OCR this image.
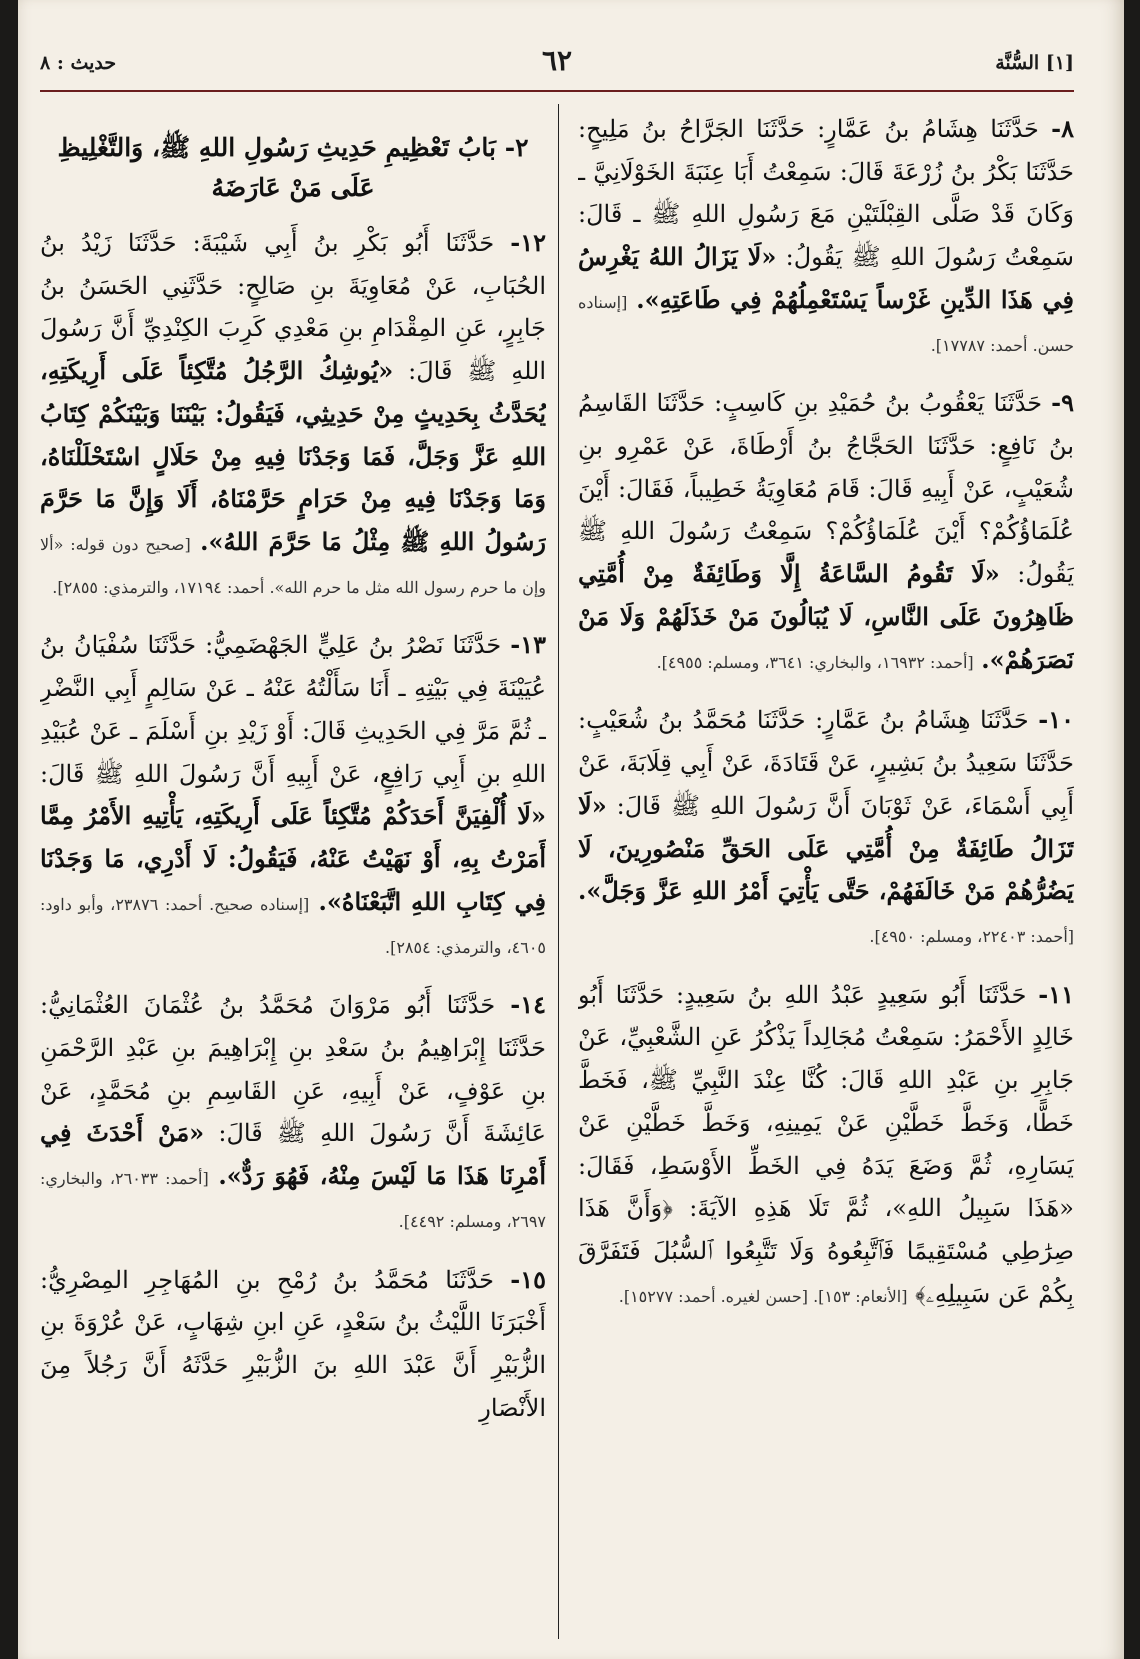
[١] السُّنَّة
٦٢
حديث : ٨
٨- حَدَّثَنَا هِشَامُ بنُ عَمَّارٍ: حَدَّثَنَا الجَرَّاحُ بنُ مَلِيحٍ: حَدَّثَنَا بَكْرُ بنُ زُرْعَةَ قَالَ: سَمِعْتُ أَبَا عِنَبَةَ الخَوْلَانِيَّ ـ وَكَانَ قَدْ صَلَّى القِبْلَتَيْنِ مَعَ رَسُولِ اللهِ ﷺ ـ قَالَ: سَمِعْتُ رَسُولَ اللهِ ﷺ يَقُولُ: «لَا يَزَالُ اللهُ يَغْرِسُ فِي هَذَا الدِّينِ غَرْساً يَسْتَعْمِلُهُمْ فِي طَاعَتِهِ». [إسناده حسن. أحمد: ١٧٧٨٧].
٩- حَدَّثَنَا يَعْقُوبُ بنُ حُمَيْدِ بنِ كَاسِبٍ: حَدَّثَنَا القَاسِمُ بنُ نَافِعٍ: حَدَّثَنَا الحَجَّاجُ بنُ أَرْطَاةَ، عَنْ عَمْرِو بنِ شُعَيْبٍ، عَنْ أَبِيهِ قَالَ: قَامَ مُعَاوِيَةُ خَطِيباً، فَقَالَ: أَيْنَ عُلَمَاؤُكُمْ؟ أَيْنَ عُلَمَاؤُكُمْ؟ سَمِعْتُ رَسُولَ اللهِ ﷺ يَقُولُ: «لَا تَقُومُ السَّاعَةُ إِلَّا وَطَائِفَةٌ مِنْ أُمَّتِي ظَاهِرُونَ عَلَى النَّاسِ، لَا يُبَالُونَ مَنْ خَذَلَهُمْ وَلَا مَنْ نَصَرَهُمْ». [أحمد: ١٦٩٣٢، والبخاري: ٣٦٤١، ومسلم: ٤٩٥٥].
١٠- حَدَّثَنَا هِشَامُ بنُ عَمَّارٍ: حَدَّثَنَا مُحَمَّدُ بنُ شُعَيْبٍ: حَدَّثَنَا سَعِيدُ بنُ بَشِيرٍ، عَنْ قَتَادَةَ، عَنْ أَبِي قِلَابَةَ، عَنْ أَبِي أَسْمَاءَ، عَنْ ثَوْبَانَ أَنَّ رَسُولَ اللهِ ﷺ قَالَ: «لَا تَزَالُ طَائِفَةٌ مِنْ أُمَّتِي عَلَى الحَقِّ مَنْصُورِينَ، لَا يَضُرُّهُمْ مَنْ خَالَفَهُمْ، حَتَّى يَأْتِيَ أَمْرُ اللهِ عَزَّ وَجَلَّ». [أحمد: ٢٢٤٠٣، ومسلم: ٤٩٥٠].
١١- حَدَّثَنَا أَبُو سَعِيدٍ عَبْدُ اللهِ بنُ سَعِيدٍ: حَدَّثَنَا أَبُو خَالِدٍ الأَحْمَرُ: سَمِعْتُ مُجَالِداً يَذْكُرُ عَنِ الشَّعْبِيِّ، عَنْ جَابِرِ بنِ عَبْدِ اللهِ قَالَ: كُنَّا عِنْدَ النَّبِيِّ ﷺ، فَخَطَّ خَطًّا، وَخَطَّ خَطَّيْنِ عَنْ يَمِينِهِ، وَخَطَّ خَطَّيْنِ عَنْ يَسَارِهِ، ثُمَّ وَضَعَ يَدَهُ فِي الخَطِّ الأَوْسَطِ، فَقَالَ: «هَذَا سَبِيلُ اللهِ»، ثُمَّ تَلَا هَذِهِ الآيَةَ: ﴿وَأَنَّ هَذَا صِرَٰطِي مُسْتَقِيمًا فَٱتَّبِعُوهُ وَلَا تَتَّبِعُوا ٱلسُّبُلَ فَتَفَرَّقَ بِكُمْ عَن سَبِيلِهِۦ﴾ [الأنعام: ١٥٣]. [حسن لغيره. أحمد: ١٥٢٧٧].
٢- بَابُ تَعْظِيمِ حَدِيثِ رَسُولِ اللهِ ﷺ، وَالتَّغْلِيظِ عَلَى مَنْ عَارَضَهُ
١٢- حَدَّثَنَا أَبُو بَكْرِ بنُ أَبِي شَيْبَةَ: حَدَّثَنَا زَيْدُ بنُ الحُبَابِ، عَنْ مُعَاوِيَةَ بنِ صَالِحٍ: حَدَّثَنِي الحَسَنُ بنُ جَابِرٍ، عَنِ المِقْدَامِ بنِ مَعْدِي كَرِبَ الكِنْدِيِّ أَنَّ رَسُولَ اللهِ ﷺ قَالَ: «يُوشِكُ الرَّجُلُ مُتَّكِئاً عَلَى أَرِيكَتِهِ، يُحَدَّثُ بِحَدِيثٍ مِنْ حَدِيثِي، فَيَقُولُ: بَيْنَنَا وَبَيْنَكُمْ كِتَابُ اللهِ عَزَّ وَجَلَّ، فَمَا وَجَدْنَا فِيهِ مِنْ حَلَالٍ اسْتَحْلَلْنَاهُ، وَمَا وَجَدْنَا فِيهِ مِنْ حَرَامٍ حَرَّمْنَاهُ، أَلَا وَإِنَّ مَا حَرَّمَ رَسُولُ اللهِ ﷺ مِثْلُ مَا حَرَّمَ اللهُ». [صحيح دون قوله: «ألا وإن ما حرم رسول الله مثل ما حرم الله». أحمد: ١٧١٩٤، والترمذي: ٢٨٥٥].
١٣- حَدَّثَنَا نَصْرُ بنُ عَلِيٍّ الجَهْضَمِيُّ: حَدَّثَنَا سُفْيَانُ بنُ عُيَيْنَةَ فِي بَيْتِهِ ـ أَنَا سَأَلْتُهُ عَنْهُ ـ عَنْ سَالِمٍ أَبِي النَّضْرِ ـ ثُمَّ مَرَّ فِي الحَدِيثِ قَالَ: أَوْ زَيْدِ بنِ أَسْلَمَ ـ عَنْ عُبَيْدِ اللهِ بنِ أَبِي رَافِعٍ، عَنْ أَبِيهِ أَنَّ رَسُولَ اللهِ ﷺ قَالَ: «لَا أُلْفِيَنَّ أَحَدَكُمْ مُتَّكِئاً عَلَى أَرِيكَتِهِ، يَأْتِيهِ الأَمْرُ مِمَّا أَمَرْتُ بِهِ، أَوْ نَهَيْتُ عَنْهُ، فَيَقُولُ: لَا أَدْرِي، مَا وَجَدْنَا فِي كِتَابِ اللهِ اتَّبَعْنَاهُ». [إسناده صحيح. أحمد: ٢٣٨٧٦، وأبو داود: ٤٦٠٥، والترمذي: ٢٨٥٤].
١٤- حَدَّثَنَا أَبُو مَرْوَانَ مُحَمَّدُ بنُ عُثْمَانَ العُثْمَانِيُّ: حَدَّثَنَا إِبْرَاهِيمُ بنُ سَعْدِ بنِ إِبْرَاهِيمَ بنِ عَبْدِ الرَّحْمَنِ بنِ عَوْفٍ، عَنْ أَبِيهِ، عَنِ القَاسِمِ بنِ مُحَمَّدٍ، عَنْ عَائِشَةَ أَنَّ رَسُولَ اللهِ ﷺ قَالَ: «مَنْ أَحْدَثَ فِي أَمْرِنَا هَذَا مَا لَيْسَ مِنْهُ، فَهُوَ رَدٌّ». [أحمد: ٢٦٠٣٣، والبخاري: ٢٦٩٧، ومسلم: ٤٤٩٢].
١٥- حَدَّثَنَا مُحَمَّدُ بنُ رُمْحِ بنِ المُهَاجِرِ المِصْرِيُّ: أَخْبَرَنَا اللَّيْثُ بنُ سَعْدٍ، عَنِ ابنِ شِهَابٍ، عَنْ عُرْوَةَ بنِ الزُّبَيْرِ أَنَّ عَبْدَ اللهِ بنَ الزُّبَيْرِ حَدَّثَهُ أَنَّ رَجُلاً مِنَ الأَنْصَارِ
